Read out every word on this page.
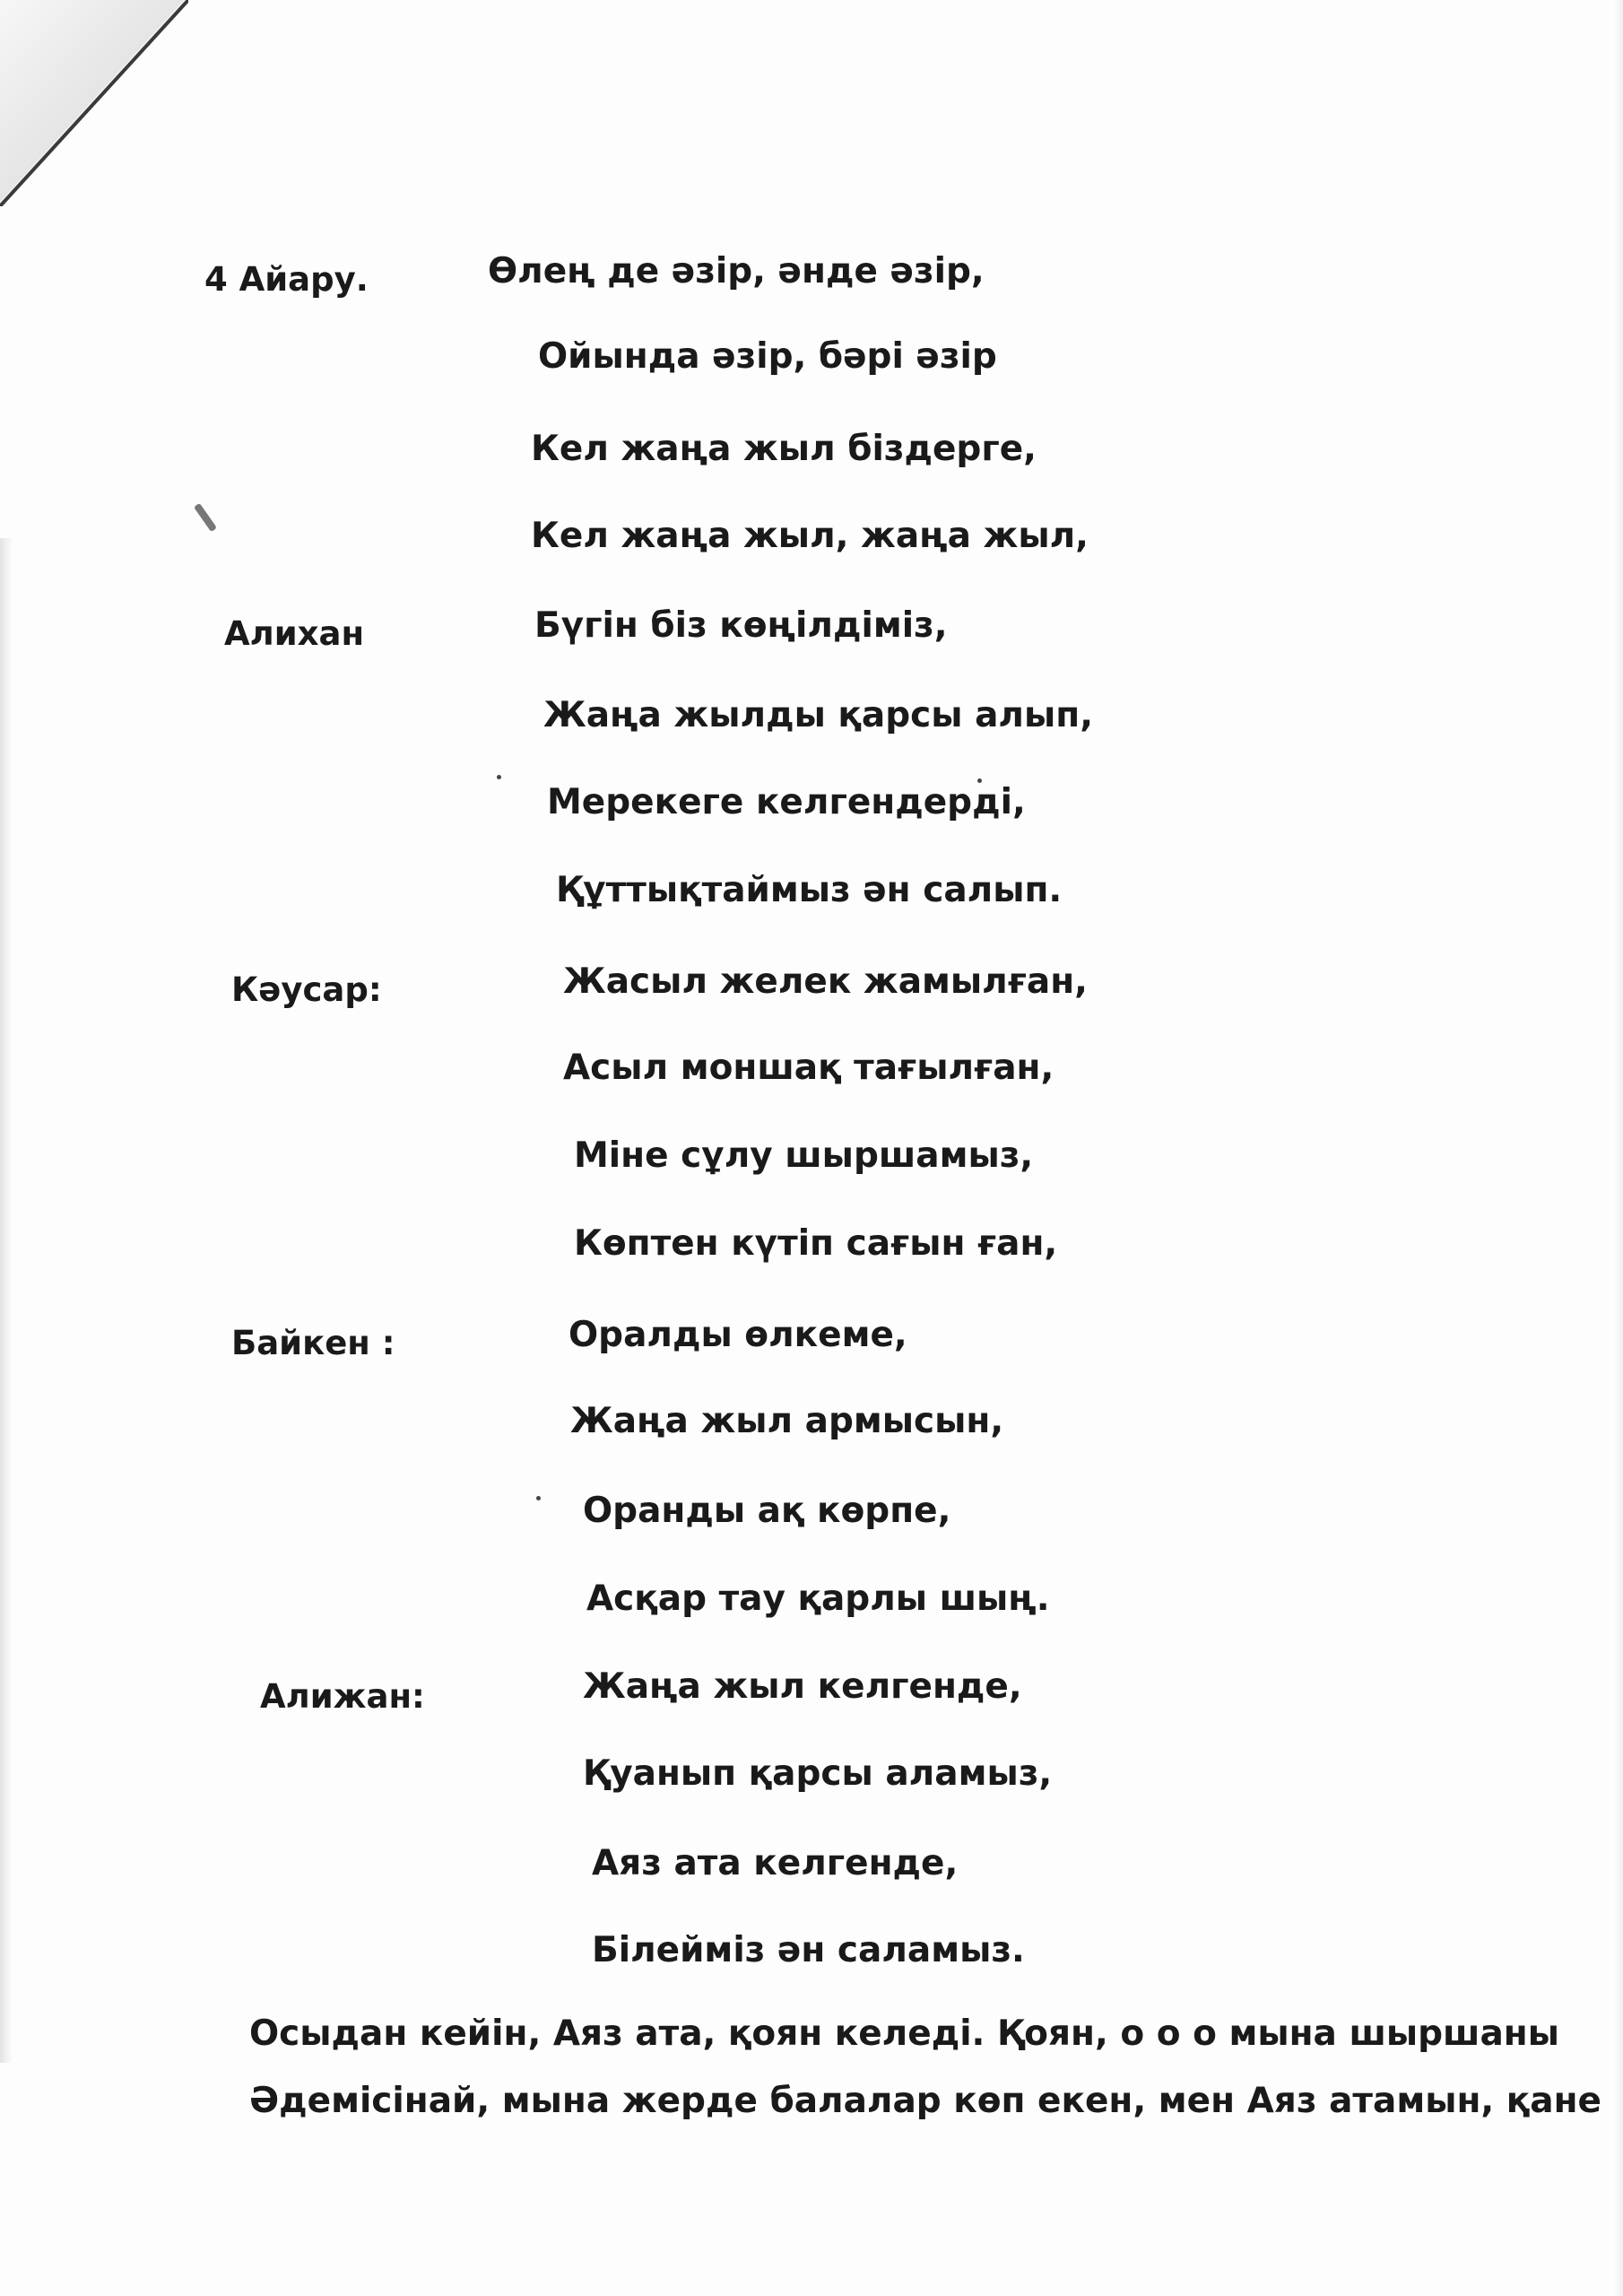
4 Айару.
Алихан
Кәусар:
Байкен :
Алижан:
Өлең де әзір, әнде әзір,
Ойында әзір, бәрі әзір
Кел жаңа жыл біздерге,
Кел жаңа жыл, жаңа жыл,
Бүгін біз көңілдіміз,
Жаңа жылды қарсы алып,
Мерекеге келгендерді,
Құттықтаймыз ән салып.
Жасыл желек жамылған,
Асыл моншақ тағылған,
Міне сұлу шыршамыз,
Көптен күтіп сағын ған,
Оралды өлкеме,
Жаңа жыл армысын,
Оранды ақ көрпе,
Асқар тау қарлы шың.
Жаңа жыл келгенде,
Қуанып қарсы аламыз,
Аяз ата келгенде,
Білейміз ән саламыз.
Осыдан кейін, Аяз ата, қоян келеді. Қоян, о о о мына шыршаны
Әдемісінай, мына жерде балалар көп екен, мен Аяз атамын, қане
